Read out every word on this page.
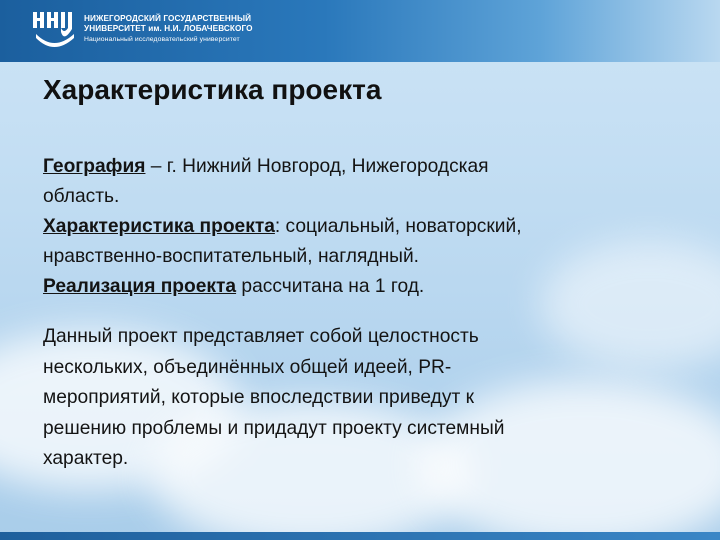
НИЖЕГОРОДСКИЙ ГОСУДАРСТВЕННЫЙ
УНИВЕРСИТЕТ им. Н.И. ЛОБАЧЕВСКОГО
Национальный исследовательский университет
Характеристика проекта

География – г. Нижний Новгород, Нижегородская
область.

Характеристика проекта: социальный, новаторский,
нравственно-воспитательный, наглядный.

Реализация проекта рассчитана на 1 год.

Данный проект представляет собой целостность
нескольких, объединённых общей идеей, PR-
мероприятий, которые впоследствии приведут к
решению проблемы и придадут проекту системный
характер.
